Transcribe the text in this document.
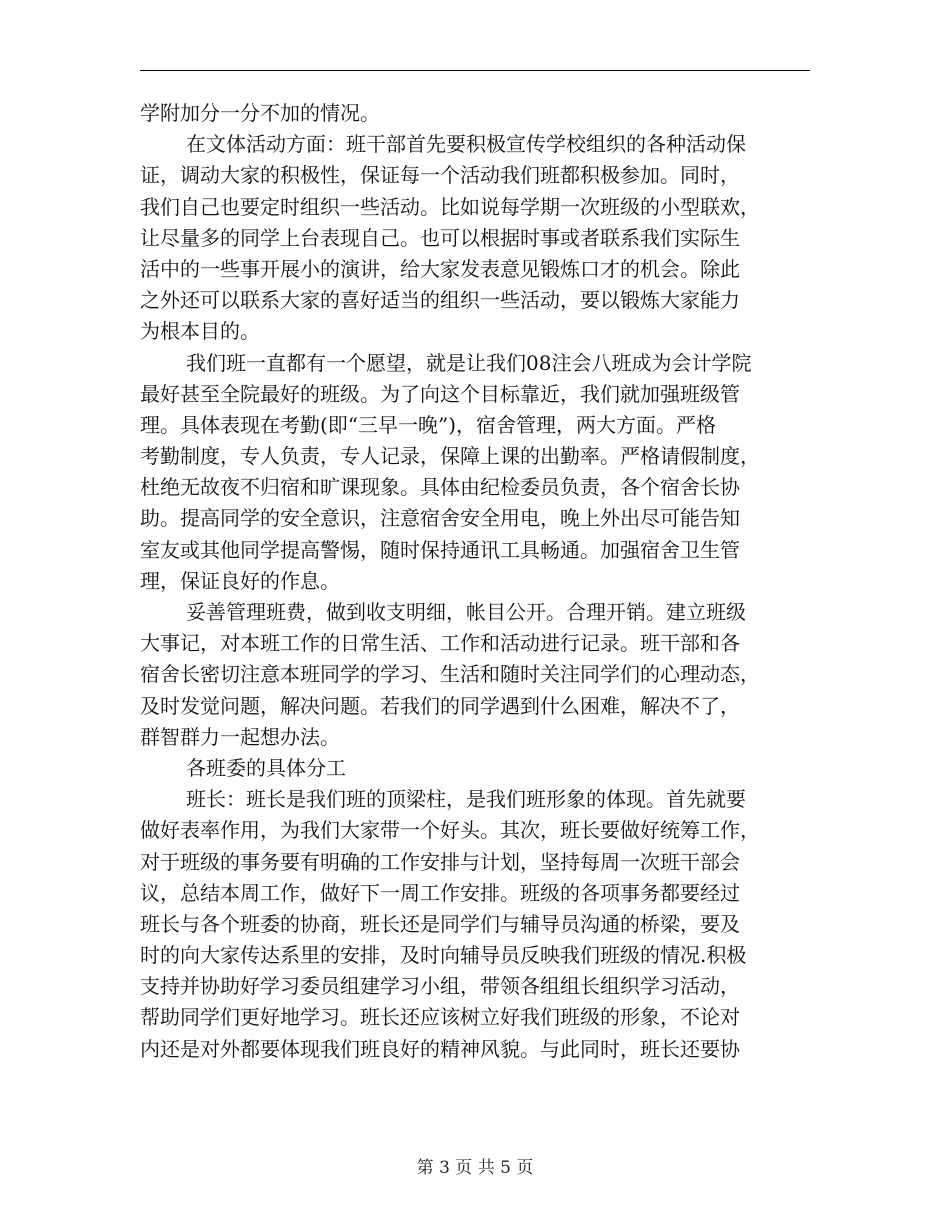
学附加分一分不加的情况。
在文体活动方面：班干部首先要积极宣传学校组织的各种活动保
证，调动大家的积极性，保证每一个活动我们班都积极参加。同时，
我们自己也要定时组织一些活动。比如说每学期一次班级的小型联欢，
让尽量多的同学上台表现自己。也可以根据时事或者联系我们实际生
活中的一些事开展小的演讲，给大家发表意见锻炼口才的机会。除此
之外还可以联系大家的喜好适当的组织一些活动，要以锻炼大家能力
为根本目的。
我们班一直都有一个愿望，就是让我们08注会八班成为会计学院
最好甚至全院最好的班级。为了向这个目标靠近，我们就加强班级管
理。具体表现在考勤(即“三早一晚”)，宿舍管理，两大方面。严格
考勤制度，专人负责，专人记录，保障上课的出勤率。严格请假制度，
杜绝无故夜不归宿和旷课现象。具体由纪检委员负责，各个宿舍长协
助。提高同学的安全意识，注意宿舍安全用电，晚上外出尽可能告知
室友或其他同学提高警惕，随时保持通讯工具畅通。加强宿舍卫生管
理，保证良好的作息。
妥善管理班费，做到收支明细，帐目公开。合理开销。建立班级
大事记，对本班工作的日常生活、工作和活动进行记录。班干部和各
宿舍长密切注意本班同学的学习、生活和随时关注同学们的心理动态，
及时发觉问题，解决问题。若我们的同学遇到什么困难，解决不了，
群智群力一起想办法。
各班委的具体分工
班长：班长是我们班的顶梁柱，是我们班形象的体现。首先就要
做好表率作用，为我们大家带一个好头。其次，班长要做好统筹工作，
对于班级的事务要有明确的工作安排与计划，坚持每周一次班干部会
议，总结本周工作，做好下一周工作安排。班级的各项事务都要经过
班长与各个班委的协商，班长还是同学们与辅导员沟通的桥梁，要及
时的向大家传达系里的安排，及时向辅导员反映我们班级的情况.积极
支持并协助好学习委员组建学习小组，带领各组组长组织学习活动，
帮助同学们更好地学习。班长还应该树立好我们班级的形象，不论对
内还是对外都要体现我们班良好的精神风貌。与此同时，班长还要协
第 3 页 共 5 页
